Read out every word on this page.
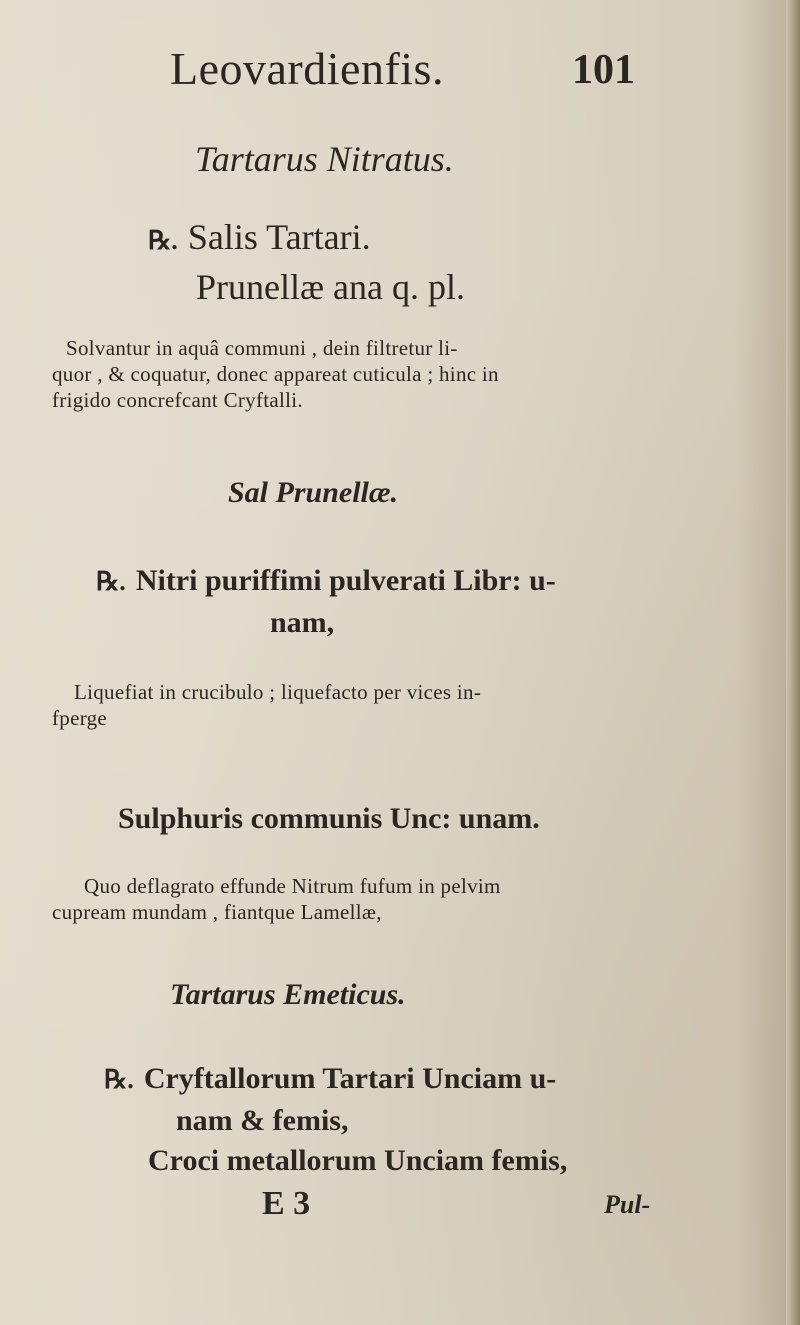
Leovardienfis.	101
Tartarus Nitratus.
℞. Salis Tartari.
Prunellæ ana q. pl.
Solvantur in aquâ communi , dein filtretur li-
quor , & coquatur, donec appareat cuticula ; hinc in
frigido concrefcant Cryftalli.
Sal Prunellæ.
℞. Nitri puriffimi pulverati Libr: u-
nam,
Liquefiat in crucibulo ; liquefacto per vices in-
fperge
Sulphuris communis Unc: unam.
Quo deflagrato effunde Nitrum fufum in pelvim
cupream mundam , fiantque Lamellæ,
Tartarus Emeticus.
℞. Cryftallorum Tartari Unciam u-
nam & femis,
Croci metallorum Unciam femis,
E 3	Pul-
